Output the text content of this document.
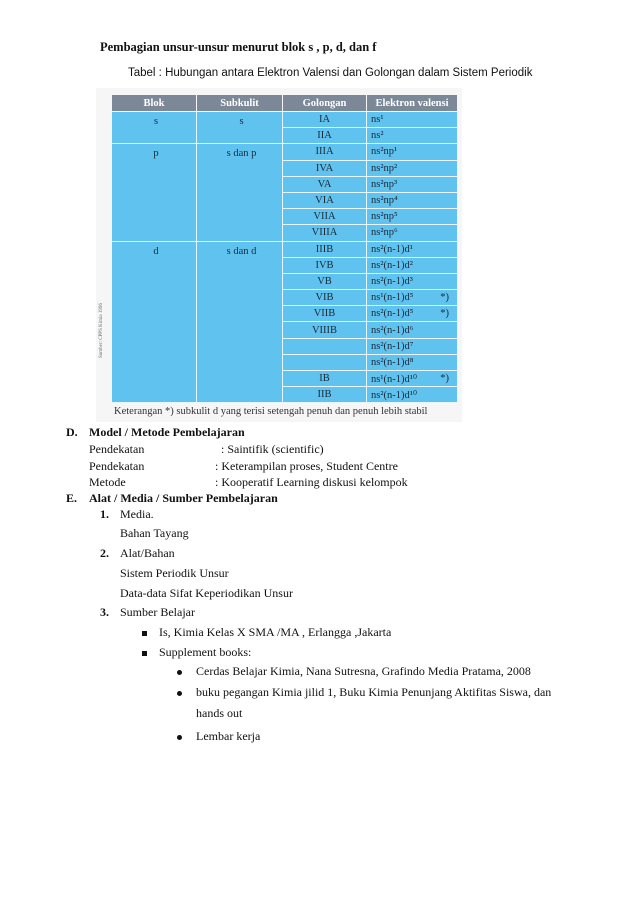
Pembagian unsur-unsur menurut blok s , p, d, dan f
Tabel : Hubungan antara Elektron Valensi dan Golongan dalam Sistem Periodik
Sumber: CPPS Kimia 1996
Blok	Subkulit	Golongan	Elektron valensi
s	s	IA	ns¹
		IIA	ns²
p	s dan p	IIIA	ns²np¹
		IVA	ns²np²
		VA	ns²np³
		VIA	ns²np⁴
		VIIA	ns²np⁵
		VIIIA	ns²np⁶
d	s dan d	IIIB	ns²(n-1)d¹
		IVB	ns²(n-1)d²
		VB	ns²(n-1)d³
		VIB	ns¹(n-1)d⁵ *)

		VIIB	ns²(n-1)d⁵ *)

		VIIIB	ns²(n-1)d⁶
			ns²(n-1)d⁷
			ns²(n-1)d⁸
		IB	ns¹(n-1)d¹⁰ *)

		IIB	ns²(n-1)d¹⁰
Keterangan *) subkulit d yang terisi setengah penuh dan penuh lebih stabil
D. Model / Metode Pembelajaran
Pendekatan	: Saintifik (scientific)
Pendekatan	: Keterampilan proses, Student Centre
Metode	: Kooperatif Learning diskusi kelompok
E. Alat / Media / Sumber Pembelajaran
1. Media.
Bahan Tayang
2. Alat/Bahan
Sistem Periodik Unsur
Data-data Sifat Keperiodikan Unsur
3. Sumber Belajar
Is, Kimia Kelas X SMA /MA , Erlangga ,Jakarta
Supplement books:
Cerdas Belajar Kimia, Nana Sutresna, Grafindo Media Pratama, 2008
buku pegangan Kimia jilid 1, Buku Kimia Penunjang Aktifitas Siswa, dan
hands out
Lembar kerja
